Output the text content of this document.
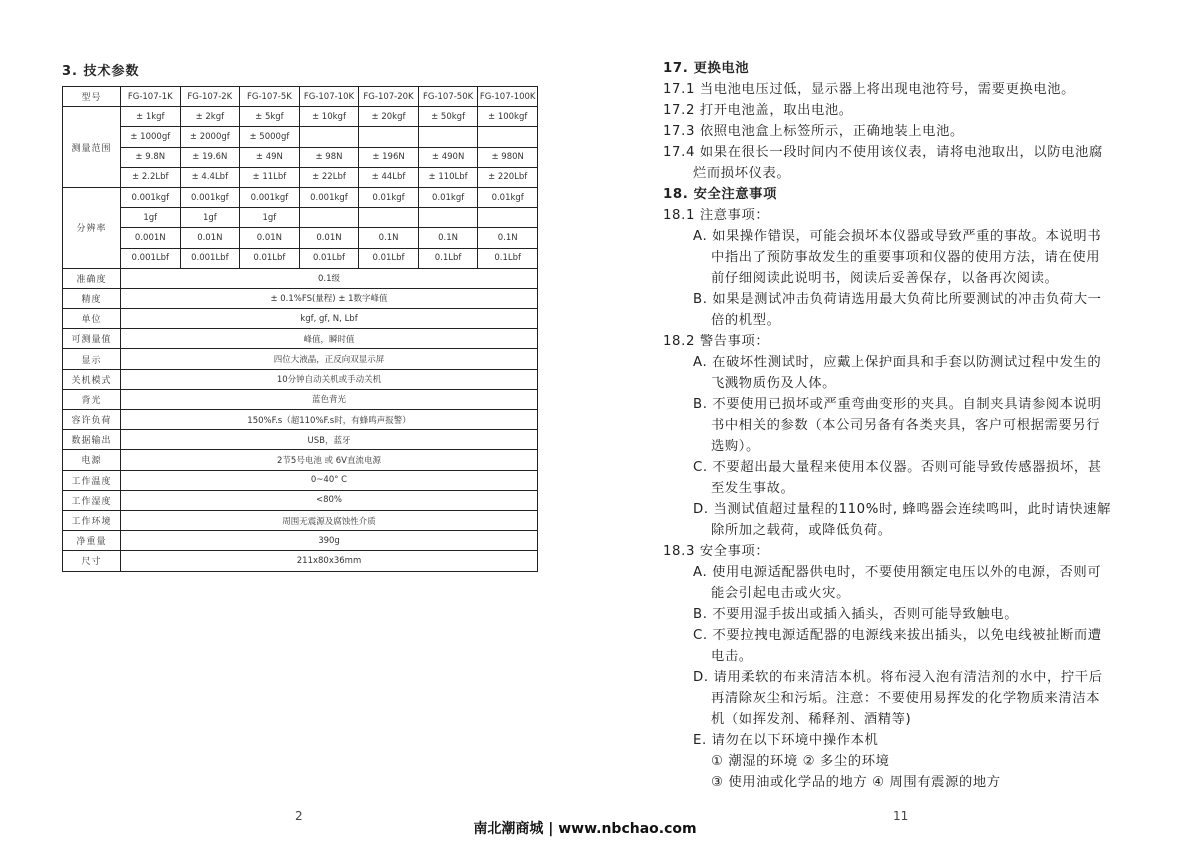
3. 技术参数
型号	FG-107-1K	FG-107-2K	FG-107-5K	FG-107-10K	FG-107-20K	FG-107-50K	FG-107-100K
测量范围	± 1kgf	± 2kgf	± 5kgf	± 10kgf	± 20kgf	± 50kgf	± 100kgf
	± 1000gf	± 2000gf	± 5000gf				
	± 9.8N	± 19.6N	± 49N	± 98N	± 196N	± 490N	± 980N
	± 2.2Lbf	± 4.4Lbf	± 11Lbf	± 22Lbf	± 44Lbf	± 110Lbf	± 220Lbf
分辨率	0.001kgf	0.001kgf	0.001kgf	0.001kgf	0.01kgf	0.01kgf	0.01kgf
	1gf	1gf	1gf				
	0.001N	0.01N	0.01N	0.01N	0.1N	0.1N	0.1N
	0.001Lbf	0.001Lbf	0.01Lbf	0.01Lbf	0.01Lbf	0.1Lbf	0.1Lbf
准确度	0.1级						
精度	± 0.1%FS(量程) ± 1数字峰值						
单位	kgf, gf, N, Lbf						
可测量值	峰值，瞬时值						
显示	四位大液晶，正反向双显示屏						
关机模式	10分钟自动关机或手动关机						
背光	蓝色背光						
容许负荷	150%F.s（超110%F.s时，有蜂鸣声报警）						
数据输出	USB，蓝牙						
电源	2节5号电池 或 6V直流电源						
工作温度	0~40° C						
工作湿度	<80%						
工作环境	周围无震源及腐蚀性介质						
净重量	390g						
尺寸	211x80x36mm						
2
17. 更换电池
17.1 当电池电压过低，显示器上将出现电池符号，需要更换电池。
17.2 打开电池盖，取出电池。
17.3 依照电池盒上标签所示，正确地装上电池。
17.4 如果在很长一段时间内不使用该仪表，请将电池取出，以防电池腐
烂而损坏仪表。
18. 安全注意事项
18.1 注意事项：
A. 如果操作错误，可能会损坏本仪器或导致严重的事故。本说明书
中指出了预防事故发生的重要事项和仪器的使用方法，请在使用
前仔细阅读此说明书，阅读后妥善保存，以备再次阅读。
B. 如果是测试冲击负荷请选用最大负荷比所要测试的冲击负荷大一
倍的机型。
18.2 警告事项：
A. 在破坏性测试时，应戴上保护面具和手套以防测试过程中发生的
飞溅物质伤及人体。
B. 不要使用已损坏或严重弯曲变形的夹具。自制夹具请参阅本说明
书中相关的参数（本公司另备有各类夹具，客户可根据需要另行
选购）。
C. 不要超出最大量程来使用本仪器。否则可能导致传感器损坏，甚
至发生事故。
D. 当测试值超过量程的110%时, 蜂鸣器会连续鸣叫，此时请快速解
除所加之载荷，或降低负荷。
18.3 安全事项：
A. 使用电源适配器供电时，不要使用额定电压以外的电源，否则可
能会引起电击或火灾。
B. 不要用湿手拔出或插入插头，否则可能导致触电。
C. 不要拉拽电源适配器的电源线来拔出插头，以免电线被扯断而遭
电击。
D. 请用柔软的布来清洁本机。将布浸入泡有清洁剂的水中，拧干后
再清除灰尘和污垢。注意：不要使用易挥发的化学物质来清洁本
机（如挥发剂、稀释剂、酒精等)
E. 请勿在以下环境中操作本机
① 潮湿的环境 ② 多尘的环境
③ 使用油或化学品的地方 ④ 周围有震源的地方
11
南北潮商城 | www.nbchao.com
